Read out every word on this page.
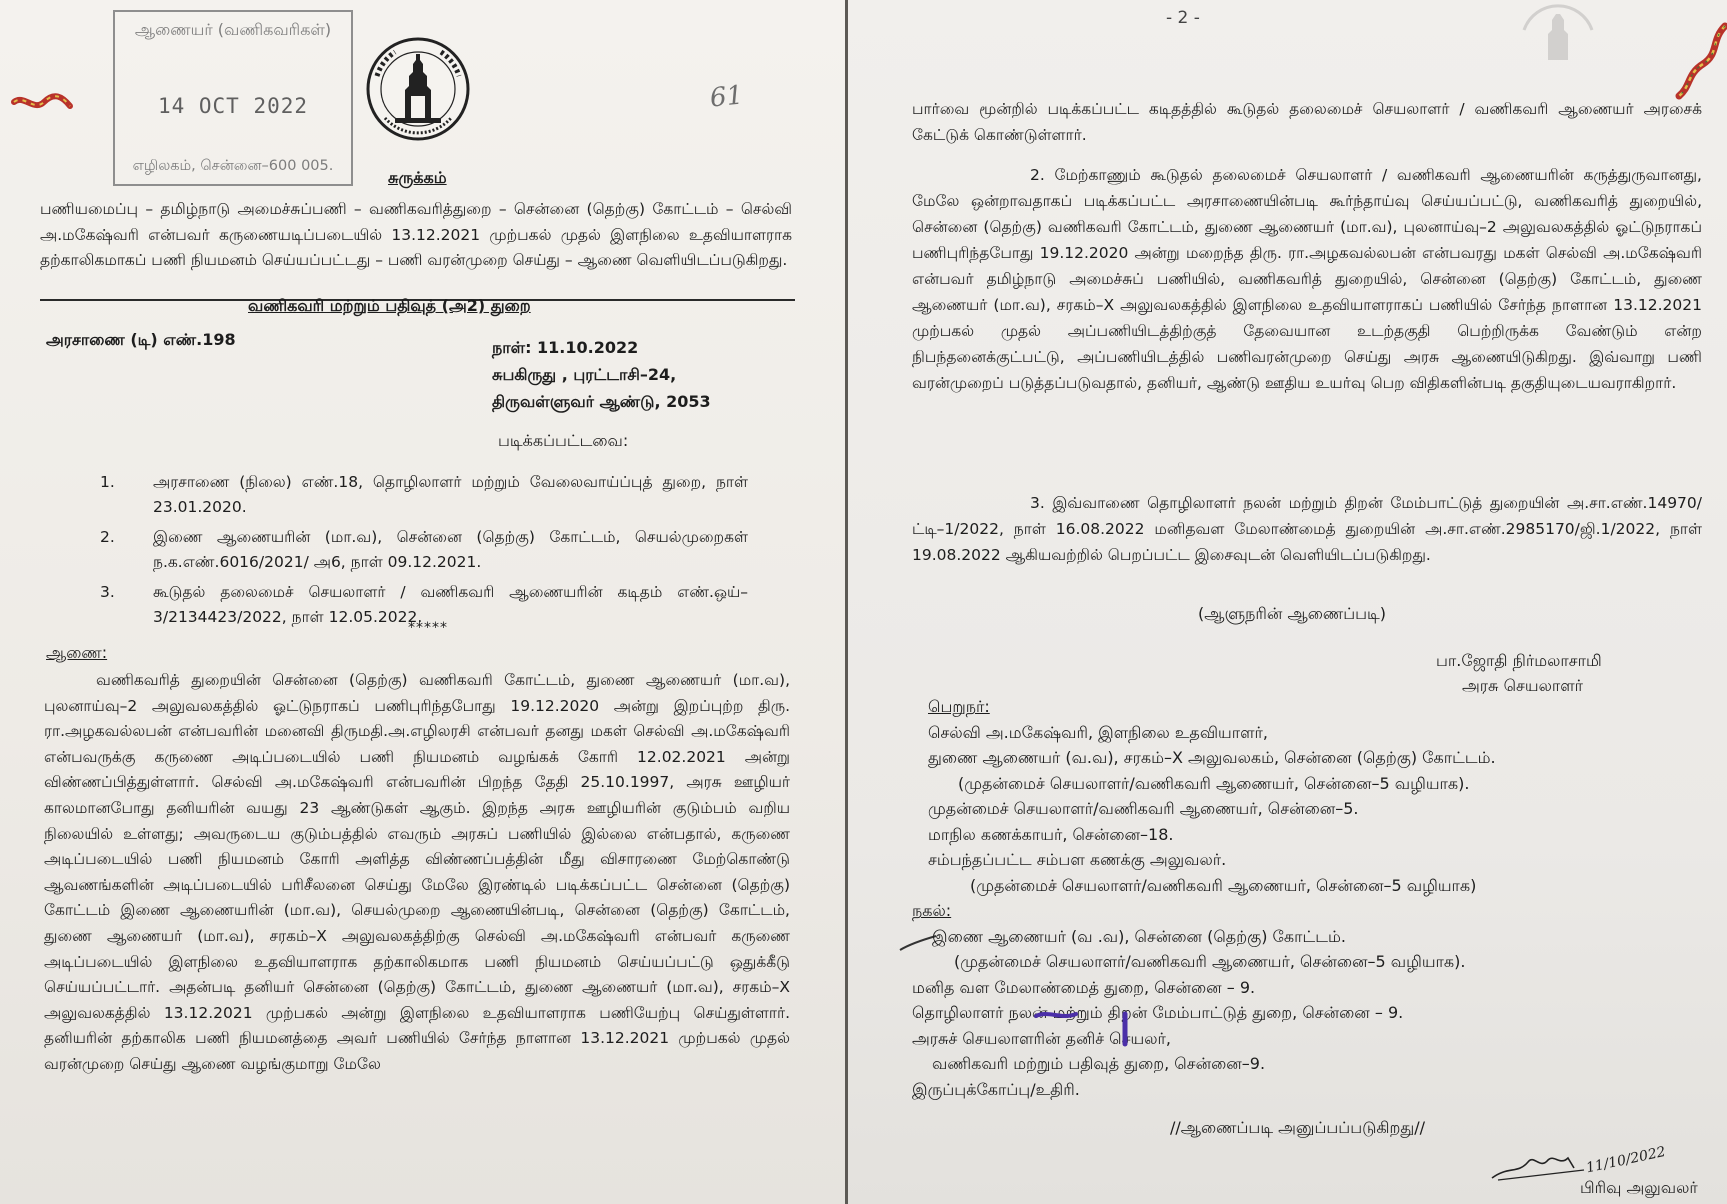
ஆணையர் (வணிகவரிகள்)
14 OCT 2022
எழிலகம், சென்னை–600 005.
61
சுருக்கம்

பணியமைப்பு – தமிழ்நாடு அமைச்சுப்பணி – வணிகவரித்துறை – சென்னை (தெற்கு) கோட்டம் – செல்வி அ.மகேஷ்வரி என்பவர் கருணையடிப்படையில் 13.12.2021 முற்பகல் முதல் இளநிலை உதவியாளராக தற்காலிகமாகப் பணி நியமனம் செய்யப்பட்டது – பணி வரன்முறை செய்து – ஆணை வெளியிடப்படுகிறது.

வணிகவரி மற்றும் பதிவுத் (அ2) துறை
அரசாணை (டி) எண்.198	நாள்: 11.10.2022
சுபகிருது , புரட்டாசி–24,
திருவள்ளுவர் ஆண்டு, 2053
படிக்கப்பட்டவை:
1. அரசாணை (நிலை) எண்.18, தொழிலாளர் மற்றும் வேலைவாய்ப்புத் துறை, நாள் 23.01.2020.
2. இணை ஆணையரின் (மா.வ), சென்னை (தெற்கு) கோட்டம், செயல்முறைகள் ந.க.எண்.6016/2021/ அ6, நாள் 09.12.2021.
3. கூடுதல் தலைமைச் செயலாளர் / வணிகவரி ஆணையரின் கடிதம் எண்.ஒய்–3/2134423/2022, நாள் 12.05.2022.
*****
ஆணை:

வணிகவரித் துறையின் சென்னை (தெற்கு) வணிகவரி கோட்டம், துணை ஆணையர் (மா.வ), புலனாய்வு–2 அலுவலகத்தில் ஓட்டுநராகப் பணிபுரிந்தபோது 19.12.2020 அன்று இறப்புற்ற திரு. ரா.அழகவல்லபன் என்பவரின் மனைவி திருமதி.அ.எழிலரசி என்பவர் தனது மகள் செல்வி அ.மகேஷ்வரி என்பவருக்கு கருணை அடிப்படையில் பணி நியமனம் வழங்கக் கோரி 12.02.2021 அன்று விண்ணப்பித்துள்ளார். செல்வி அ.மகேஷ்வரி என்பவரின் பிறந்த தேதி 25.10.1997, அரசு ஊழியர் காலமானபோது தனியரின் வயது 23 ஆண்டுகள் ஆகும். இறந்த அரசு ஊழியரின் குடும்பம் வறிய நிலையில் உள்ளது; அவருடைய குடும்பத்தில் எவரும் அரசுப் பணியில் இல்லை என்பதால், கருணை அடிப்படையில் பணி நியமனம் கோரி அளித்த விண்ணப்பத்தின் மீது விசாரணை மேற்கொண்டு ஆவணங்களின் அடிப்படையில் பரிசீலனை செய்து மேலே இரண்டில் படிக்கப்பட்ட சென்னை (தெற்கு) கோட்டம் இணை ஆணையரின் (மா.வ), செயல்முறை ஆணையின்படி, சென்னை (தெற்கு) கோட்டம், துணை ஆணையர் (மா.வ), சரகம்–X அலுவலகத்திற்கு செல்வி அ.மகேஷ்வரி என்பவர் கருணை அடிப்படையில் இளநிலை உதவியாளராக தற்காலிகமாக பணி நியமனம் செய்யப்பட்டு ஒதுக்கீடு செய்யப்பட்டார். அதன்படி தனியர் சென்னை (தெற்கு) கோட்டம், துணை ஆணையர் (மா.வ), சரகம்–X அலுவலகத்தில் 13.12.2021 முற்பகல் அன்று இளநிலை உதவியாளராக பணியேற்பு செய்துள்ளார். தனியரின் தற்காலிக பணி நியமனத்தை அவர் பணியில் சேர்ந்த நாளான 13.12.2021 முற்பகல் முதல் வரன்முறை செய்து ஆணை வழங்குமாறு மேலே

- 2 -

பார்வை மூன்றில் படிக்கப்பட்ட கடிதத்தில் கூடுதல் தலைமைச் செயலாளர் / வணிகவரி ஆணையர் அரசைக் கேட்டுக் கொண்டுள்ளார்.

2. மேற்காணும் கூடுதல் தலைமைச் செயலாளர் / வணிகவரி ஆணையரின் கருத்துருவானது, மேலே ஒன்றாவதாகப் படிக்கப்பட்ட அரசாணையின்படி கூர்ந்தாய்வு செய்யப்பட்டு, வணிகவரித் துறையில், சென்னை (தெற்கு) வணிகவரி கோட்டம், துணை ஆணையர் (மா.வ), புலனாய்வு–2 அலுவலகத்தில் ஓட்டுநராகப் பணிபுரிந்தபோது 19.12.2020 அன்று மறைந்த திரு. ரா.அழகவல்லபன் என்பவரது மகள் செல்வி அ.மகேஷ்வரி என்பவர் தமிழ்நாடு அமைச்சுப் பணியில், வணிகவரித் துறையில், சென்னை (தெற்கு) கோட்டம், துணை ஆணையர் (மா.வ), சரகம்–X அலுவலகத்தில் இளநிலை உதவியாளராகப் பணியில் சேர்ந்த நாளான 13.12.2021 முற்பகல் முதல் அப்பணியிடத்திற்குத் தேவையான உடற்தகுதி பெற்றிருக்க வேண்டும் என்ற நிபந்தனைக்குட்பட்டு, அப்பணியிடத்தில் பணிவரன்முறை செய்து அரசு ஆணையிடுகிறது. இவ்வாறு பணி வரன்முறைப் படுத்தப்படுவதால், தனியர், ஆண்டு ஊதிய உயர்வு பெற விதிகளின்படி தகுதியுடையவராகிறார்.

3. இவ்வாணை தொழிலாளர் நலன் மற்றும் திறன் மேம்பாட்டுத் துறையின் அ.சா.எண்.14970/ட்டி–1/2022, நாள் 16.08.2022 மனிதவள மேலாண்மைத் துறையின் அ.சா.எண்.2985170/ஜி.1/2022, நாள் 19.08.2022 ஆகியவற்றில் பெறப்பட்ட இசைவுடன் வெளியிடப்படுகிறது.

(ஆளுநரின் ஆணைப்படி)
பா.ஜோதி நிர்மலாசாமி
அரசு செயலாளர்
பெறுநர்:
செல்வி அ.மகேஷ்வரி, இளநிலை உதவியாளர்,
துணை ஆணையர் (வ.வ), சரகம்–X அலுவலகம், சென்னை (தெற்கு) கோட்டம்.
(முதன்மைச் செயலாளர்/வணிகவரி ஆணையர், சென்னை–5 வழியாக).
முதன்மைச் செயலாளர்/வணிகவரி ஆணையர், சென்னை–5.
மாநில கணக்காயர், சென்னை–18.
சம்பந்தப்பட்ட சம்பள கணக்கு அலுவலர்.
(முதன்மைச் செயலாளர்/வணிகவரி ஆணையர், சென்னை–5 வழியாக)
நகல்:
இணை ஆணையர் (வ .வ), சென்னை (தெற்கு) கோட்டம்.
(முதன்மைச் செயலாளர்/வணிகவரி ஆணையர், சென்னை–5 வழியாக).
மனித வள மேலாண்மைத் துறை, சென்னை – 9.
தொழிலாளர் நலன் மற்றும் திறன் மேம்பாட்டுத் துறை, சென்னை – 9.
அரசுச் செயலாளரின் தனிச் செயலர்,
வணிகவரி மற்றும் பதிவுத் துறை, சென்னை–9.
இருப்புக்கோப்பு/உதிரி.
//ஆணைப்படி அனுப்பப்படுகிறது//
11/10/2022
பிரிவு அலுவலர்
